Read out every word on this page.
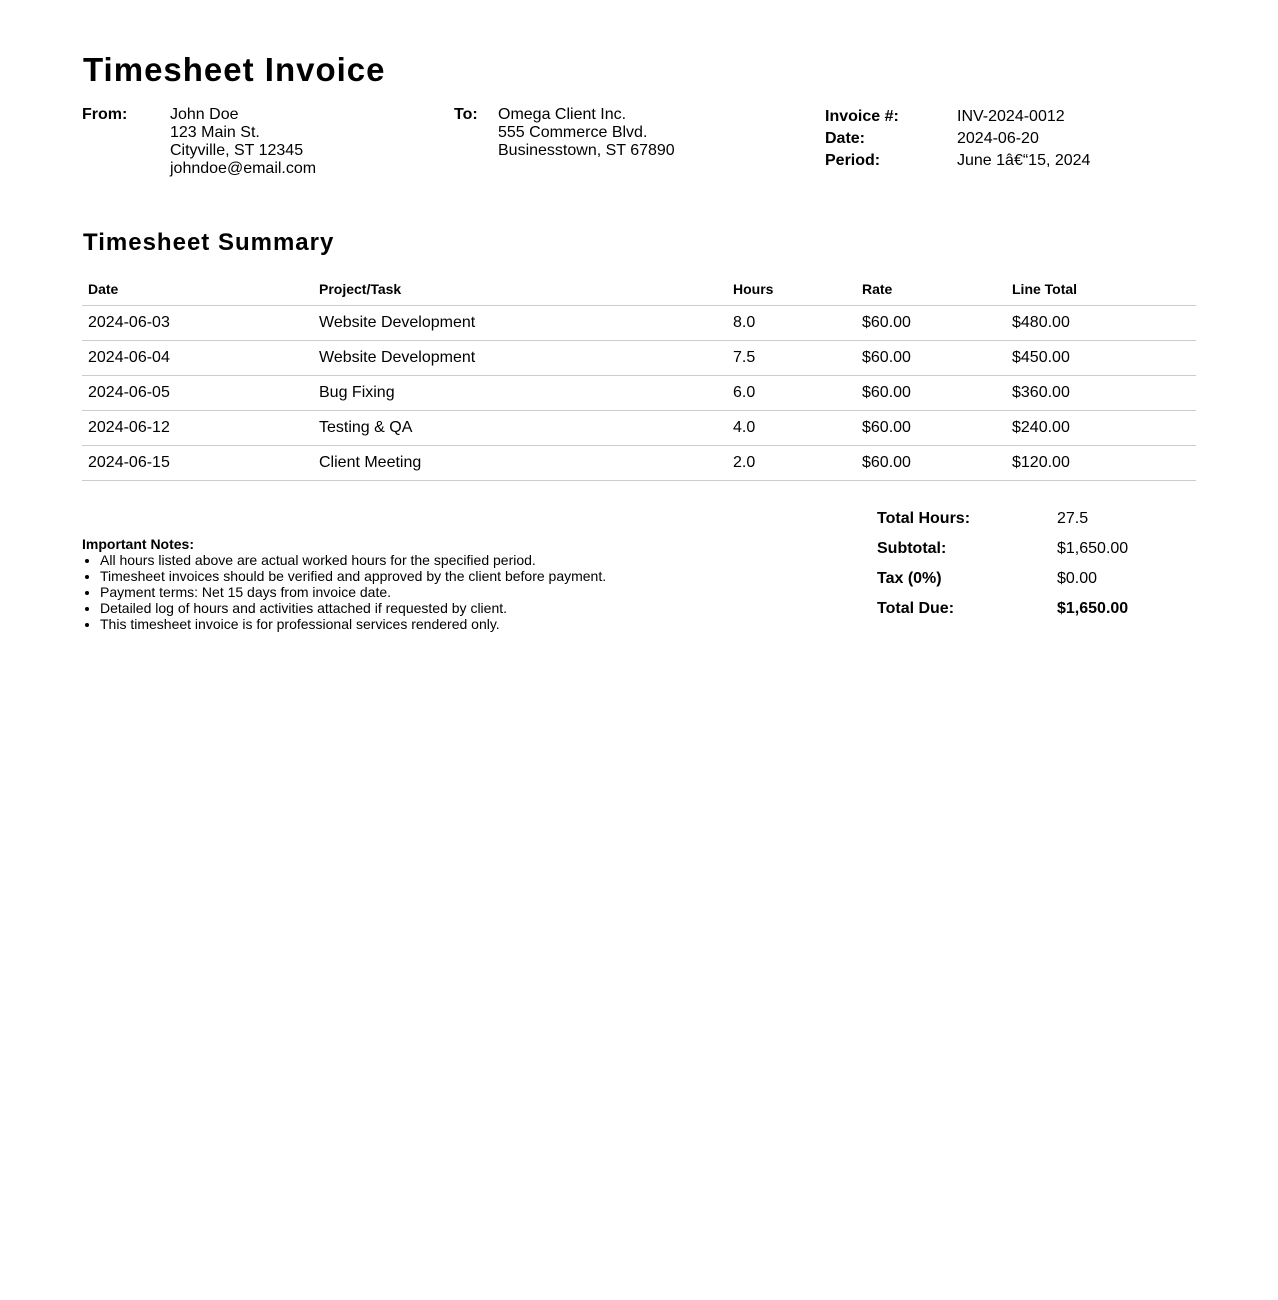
Timesheet Invoice
From:	John Doe
123 Main St.
Cityville, ST 12345
johndoe@email.com
To: Omega Client Inc.
555 Commerce Blvd.
Businesstown, ST 67890
Invoice #:	INV-2024-0012
Date:	2024-06-20
Period:	June 1â€“15, 2024
Timesheet Summary
Date	Project/Task	Hours	Rate	Line Total
2024-06-03	Website Development	8.0	$60.00	$480.00
2024-06-04	Website Development	7.5	$60.00	$450.00
2024-06-05	Bug Fixing	6.0	$60.00	$360.00
2024-06-12	Testing & QA	4.0	$60.00	$240.00
2024-06-15	Client Meeting	2.0	$60.00	$120.00
Important Notes:
• All hours listed above are actual worked hours for the specified period.
• Timesheet invoices should be verified and approved by the client before payment.
• Payment terms: Net 15 days from invoice date.
• Detailed log of hours and activities attached if requested by client.
• This timesheet invoice is for professional services rendered only.
Total Hours:	27.5
Subtotal:	$1,650.00
Tax (0%)	$0.00
Total Due:	$1,650.00
